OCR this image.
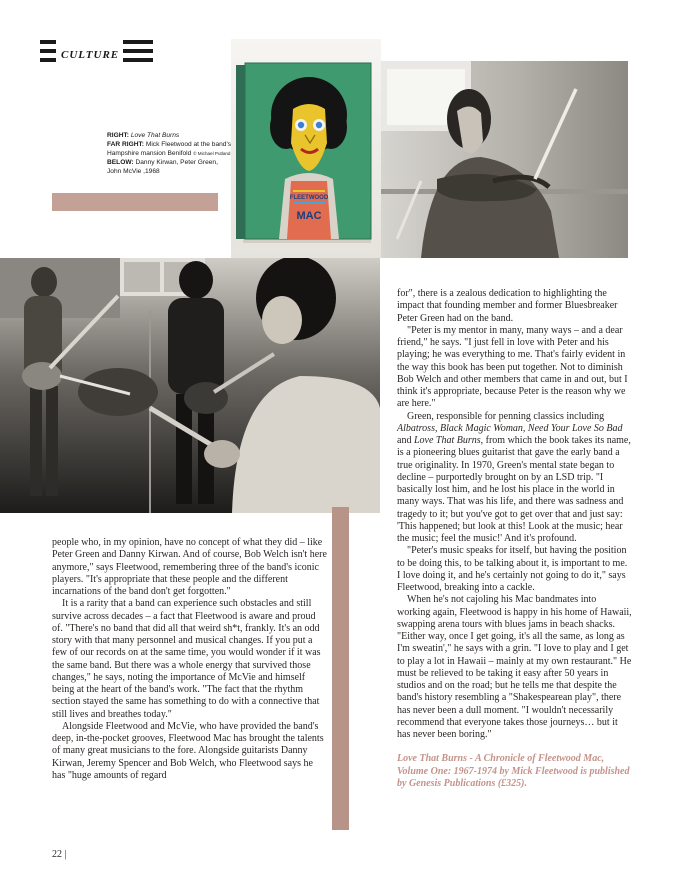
CULTURE
RIGHT: Love That Burns
FAR RIGHT: Mick Fleetwood at the band's Hampshire mansion Benifold © Michael Putland
BELOW: Danny Kirwan, Peter Green, John McVie ,1968
FLEETWOOD
MAC

people who, in my opinion, have no concept of what they did – like Peter Green and Danny Kirwan. And of course, Bob Welch isn't here anymore," says Fleetwood, remembering three of the band's iconic players. "It's appropriate that these people and the different incarnations of the band don't get forgotten."

It is a rarity that a band can experience such obstacles and still survive across decades – a fact that Fleetwood is aware and proud of. "There's no band that did all that weird sh*t, frankly. It's an odd story with that many personnel and musical changes. If you put a few of our records on at the same time, you would wonder if it was the same band. But there was a whole energy that survived those changes," he says, noting the importance of McVie and himself being at the heart of the band's work. "The fact that the rhythm section stayed the same has something to do with a connective that still lives and breathes today."

Alongside Fleetwood and McVie, who have provided the band's deep, in-the-pocket grooves, Fleetwood Mac has brought the talents of many great musicians to the fore. Alongside guitarists Danny Kirwan, Jeremy Spencer and Bob Welch, who Fleetwood says he has "huge amounts of regard

for", there is a zealous dedication to highlighting the impact that founding member and former Bluesbreaker Peter Green had on the band.

"Peter is my mentor in many, many ways – and a dear friend," he says. "I just fell in love with Peter and his playing; he was everything to me. That's fairly evident in the way this book has been put together. Not to diminish Bob Welch and other members that came in and out, but I think it's appropriate, because Peter is the reason why we are here."

Green, responsible for penning classics including Albatross, Black Magic Woman, Need Your Love So Bad and Love That Burns, from which the book takes its name, is a pioneering blues guitarist that gave the early band a true originality. In 1970, Green's mental state began to decline – purportedly brought on by an LSD trip. "I basically lost him, and he lost his place in the world in many ways. That was his life, and there was sadness and tragedy to it; but you've got to get over that and just say: 'This happened; but look at this! Look at the music; hear the music; feel the music!' And it's profound.

"Peter's music speaks for itself, but having the position to be doing this, to be talking about it, is important to me. I love doing it, and he's certainly not going to do it," says Fleetwood, breaking into a cackle.

When he's not cajoling his Mac bandmates into working again, Fleetwood is happy in his home of Hawaii, swapping arena tours with blues jams in beach shacks. "Either way, once I get going, it's all the same, as long as I'm sweatin'," he says with a grin. "I love to play and I get to play a lot in Hawaii – mainly at my own restaurant." He must be relieved to be taking it easy after 50 years in studios and on the road; but he tells me that despite the band's history resembling a "Shakespearean play", there has never been a dull moment. "I wouldn't necessarily recommend that everyone takes those journeys… but it has never been boring."

Love That Burns - A Chronicle of Fleetwood Mac, Volume One: 1967-1974 by Mick Fleetwood is published by Genesis Publications (£325).
22 |
